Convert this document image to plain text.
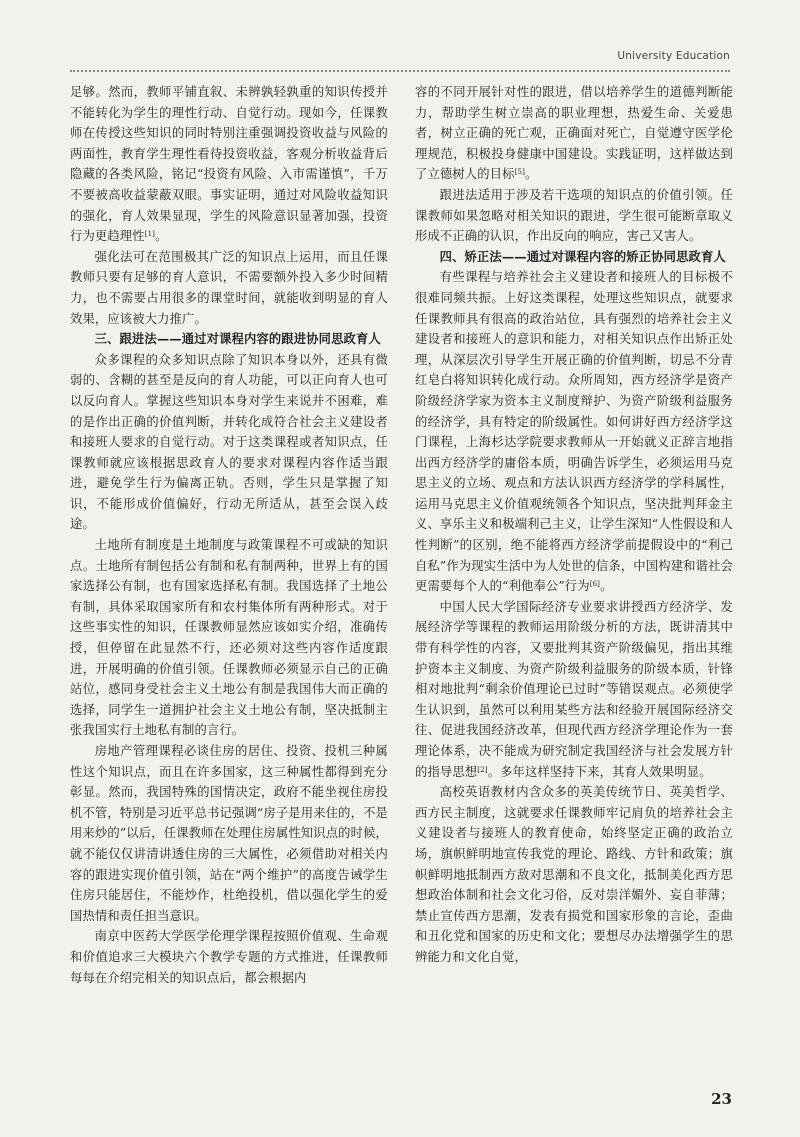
University Education

足够。然而，教师平铺直叙、未辨孰轻孰重的知识传授并不能转化为学生的理性行动、自觉行动。现如今，任课教师在传授这些知识的同时特别注重强调投资收益与风险的两面性，教育学生理性看待投资收益，客观分析收益背后隐藏的各类风险，铭记“投资有风险、入市需谨慎”，千万不要被高收益蒙蔽双眼。事实证明，通过对风险收益知识的强化，育人效果显现，学生的风险意识显著加强，投资行为更趋理性[1]。

强化法可在范围极其广泛的知识点上运用，而且任课教师只要有足够的育人意识，不需要额外投入多少时间精力，也不需要占用很多的课堂时间，就能收到明显的育人效果，应该被大力推广。

三、跟进法——通过对课程内容的跟进协同思政育人

众多课程的众多知识点除了知识本身以外，还具有微弱的、含糊的甚至是反向的育人功能，可以正向育人也可以反向育人。掌握这些知识本身对学生来说并不困难，难的是作出正确的价值判断，并转化成符合社会主义建设者和接班人要求的自觉行动。对于这类课程或者知识点，任课教师就应该根据思政育人的要求对课程内容作适当跟进，避免学生行为偏离正轨。否则，学生只是掌握了知识，不能形成价值偏好，行动无所适从，甚至会误入歧途。

土地所有制度是土地制度与政策课程不可或缺的知识点。土地所有制包括公有制和私有制两种，世界上有的国家选择公有制，也有国家选择私有制。我国选择了土地公有制，具体采取国家所有和农村集体所有两种形式。对于这些事实性的知识，任课教师显然应该如实介绍，准确传授，但停留在此显然不行，还必须对这些内容作适度跟进，开展明确的价值引领。任课教师必须显示自己的正确站位，感同身受社会主义土地公有制是我国伟大而正确的选择，同学生一道拥护社会主义土地公有制，坚决抵制主张我国实行土地私有制的言行。

房地产管理课程必谈住房的居住、投资、投机三种属性这个知识点，而且在许多国家，这三种属性都得到充分彰显。然而，我国特殊的国情决定，政府不能坐视住房投机不管，特别是习近平总书记强调“房子是用来住的，不是用来炒的”以后，任课教师在处理住房属性知识点的时候，就不能仅仅讲清讲透住房的三大属性，必须借助对相关内容的跟进实现价值引领，站在“两个维护”的高度告诫学生住房只能居住，不能炒作，杜绝投机，借以强化学生的爱国热情和责任担当意识。

南京中医药大学医学伦理学课程按照价值观、生命观和价值追求三大模块六个教学专题的方式推进，任课教师每每在介绍完相关的知识点后，都会根据内

容的不同开展针对性的跟进，借以培养学生的道德判断能力，帮助学生树立崇高的职业理想，热爱生命、关爱患者，树立正确的死亡观，正确面对死亡，自觉遵守医学伦理规范，积极投身健康中国建设。实践证明，这样做达到了立德树人的目标[5]。

跟进法适用于涉及若干选项的知识点的价值引领。任课教师如果忽略对相关知识的跟进，学生很可能断章取义形成不正确的认识，作出反向的响应，害己又害人。

四、矫正法——通过对课程内容的矫正协同思政育人

有些课程与培养社会主义建设者和接班人的目标极不很难同频共振。上好这类课程，处理这些知识点，就要求任课教师具有很高的政治站位，具有强烈的培养社会主义建设者和接班人的意识和能力，对相关知识点作出矫正处理，从深层次引导学生开展正确的价值判断，切忌不分青红皂白将知识转化成行动。众所周知，西方经济学是资产阶级经济学家为资本主义制度辩护、为资产阶级利益服务的经济学，具有特定的阶级属性。如何讲好西方经济学这门课程，上海杉达学院要求教师从一开始就义正辞言地指出西方经济学的庸俗本质，明确告诉学生，必须运用马克思主义的立场、观点和方法认识西方经济学的学科属性，运用马克思主义价值观统领各个知识点，坚决批判拜金主义、享乐主义和极端利己主义，让学生深知“人性假设和人性判断”的区别，绝不能将西方经济学前提假设中的“利己自私”作为现实生活中为人处世的信条，中国构建和谐社会更需要每个人的“利他奉公”行为[6]。

中国人民大学国际经济专业要求讲授西方经济学、发展经济学等课程的教师运用阶级分析的方法，既讲清其中带有科学性的内容，又要批判其资产阶级偏见，指出其维护资本主义制度、为资产阶级利益服务的阶级本质，针锋相对地批判“剩余价值理论已过时”等错误观点。必须使学生认识到，虽然可以利用某些方法和经验开展国际经济交往、促进我国经济改革，但现代西方经济学理论作为一套理论体系，决不能成为研究制定我国经济与社会发展方针的指导思想[2]。多年这样坚持下来，其育人效果明显。

高校英语教材内含众多的英美传统节日、英美哲学、西方民主制度，这就要求任课教师牢记肩负的培养社会主义建设者与接班人的教育使命，始终坚定正确的政治立场，旗帜鲜明地宣传我党的理论、路线、方针和政策；旗帜鲜明地抵制西方敌对思潮和不良文化，抵制美化西方思想政治体制和社会文化习俗，反对崇洋媚外、妄自菲薄；禁止宣传西方思潮，发表有损党和国家形象的言论，歪曲和丑化党和国家的历史和文化；要想尽办法增强学生的思辨能力和文化自觉，

23
